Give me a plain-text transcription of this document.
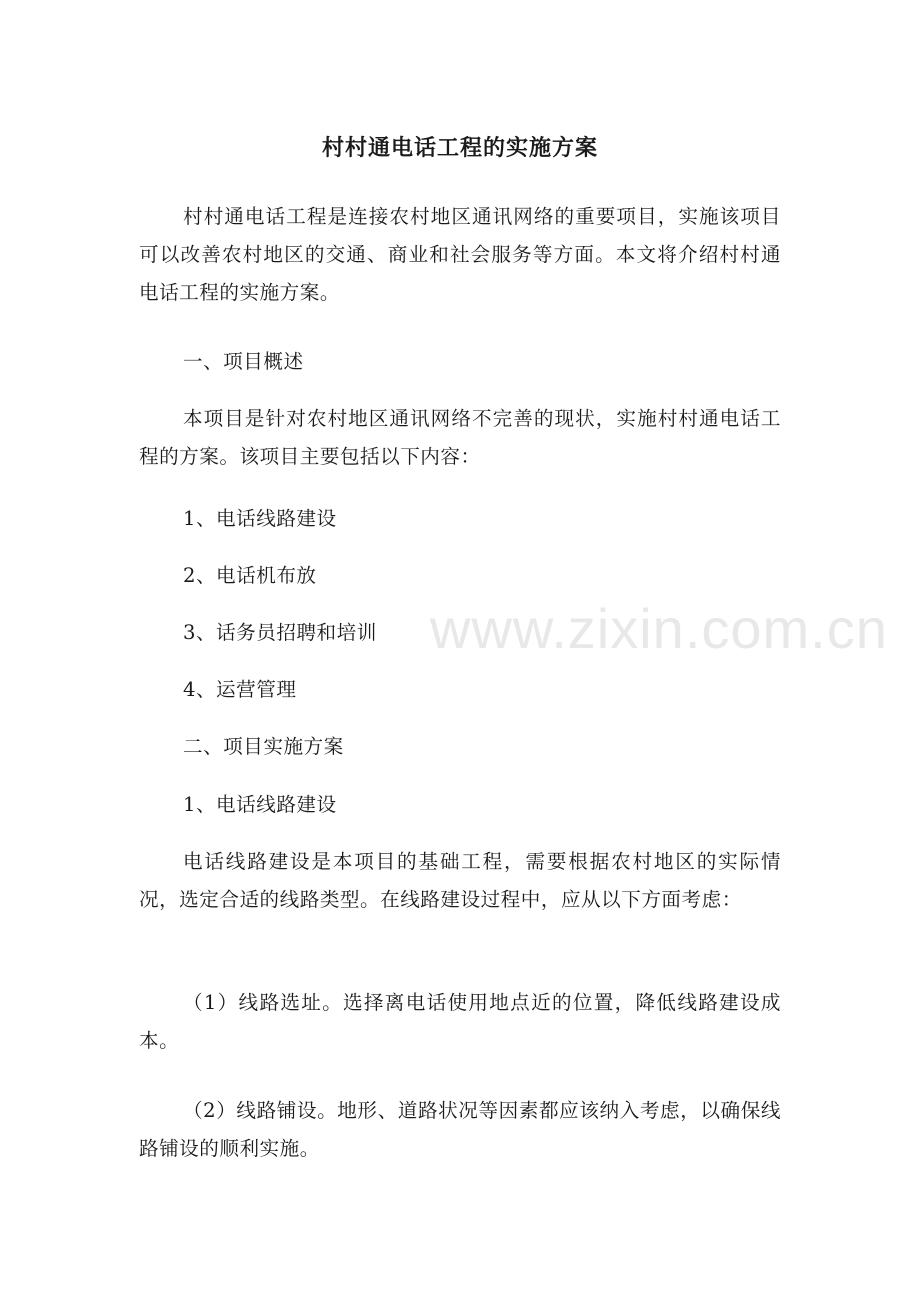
www.zixin.com.cn
村村通电话工程的实施方案

村村通电话工程是连接农村地区通讯网络的重要项目，实施该项目可以改善农村地区的交通、商业和社会服务等方面。本文将介绍村村通电话工程的实施方案。

一、项目概述

本项目是针对农村地区通讯网络不完善的现状，实施村村通电话工程的方案。该项目主要包括以下内容：

1、电话线路建设

2、电话机布放

3、话务员招聘和培训

4、运营管理

二、项目实施方案

1、电话线路建设

电话线路建设是本项目的基础工程，需要根据农村地区的实际情况，选定合适的线路类型。在线路建设过程中，应从以下方面考虑：

（1）线路选址。选择离电话使用地点近的位置，降低线路建设成本。

（2）线路铺设。地形、道路状况等因素都应该纳入考虑，以确保线路铺设的顺利实施。
